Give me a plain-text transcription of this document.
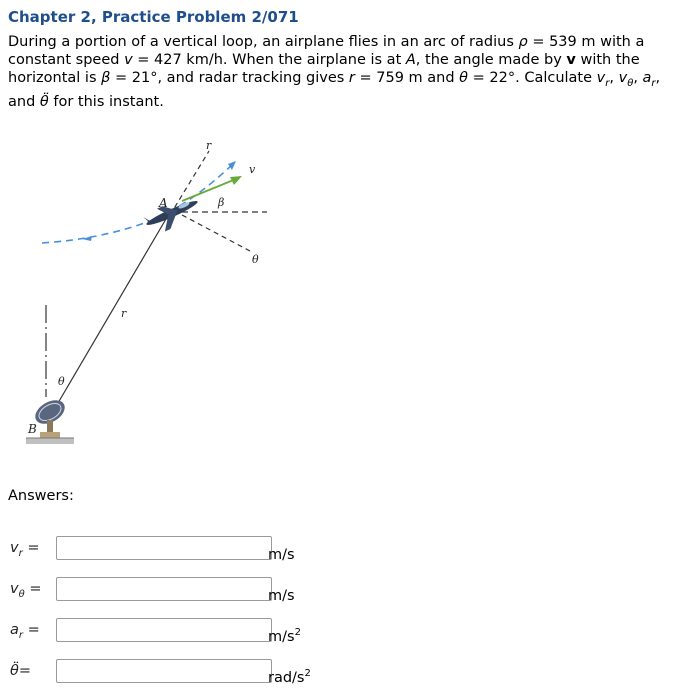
Chapter 2, Practice Problem 2/071
During a portion of a vertical loop, an airplane flies in an arc of radius ρ = 539 m with a constant speed v = 427 km/h. When the airplane is at A, the angle made by v with the horizontal is β = 21°, and radar tracking gives r = 759 m and θ = 22°. Calculate $v_r$, $v_\theta$, $a_r$, and θ̈ for this instant.
r
v
A	β
θ
r
θ
B
Answers:
$v_r$ =	m/s
$v_\theta$ =	m/s
$a_r$ =	$m/s^2$
θ̈=	rad/$s^2$
